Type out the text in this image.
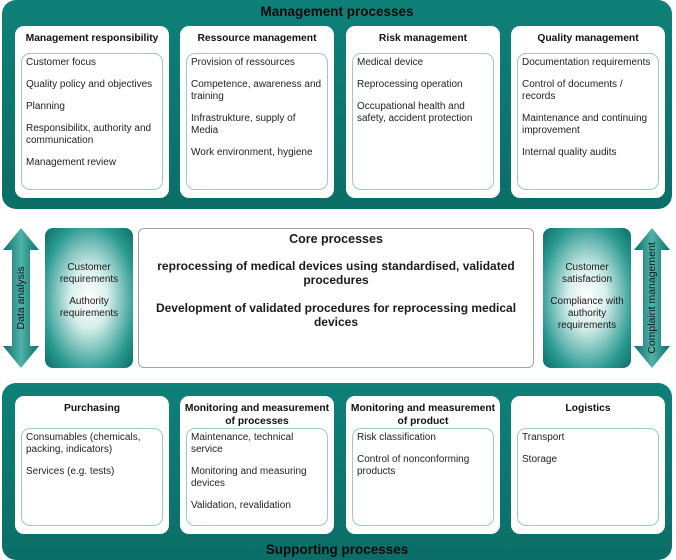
Management processes
Management responsibility
Customer focus
Quality policy and objectives
Planning
Responsibilitx, authority and communication
Management review
Ressource management
Provision of ressources
Competence, awareness and training
Infrastrukture, supply of Media
Work environment, hygiene
Risk management
Medical device
Reprocessing operation
Occupational health and safety, accident protection
Quality management
Documentation requirements
Control of documents / records
Maintenance and continuing improvement
Internal quality audits
Data analysis	Customer requirements
Authority requirements
Core processes
reprocessing of medical devices using standardised, validated procedures
Development of validated procedures for reprocessing medical devices
Customer satisfaction
Compliance with authority requirements	Complaint management
Supporting processes
Purchasing
Consumables (chemicals, packing, indicators)
Services (e.g. tests)
Monitoring and measurement of processes
Maintenance, technical service
Monitoring and measuring devices
Validation, revalidation
Monitoring and measurement of product
Risk classification
Control of nonconforming products
Logistics
Transport
Storage
